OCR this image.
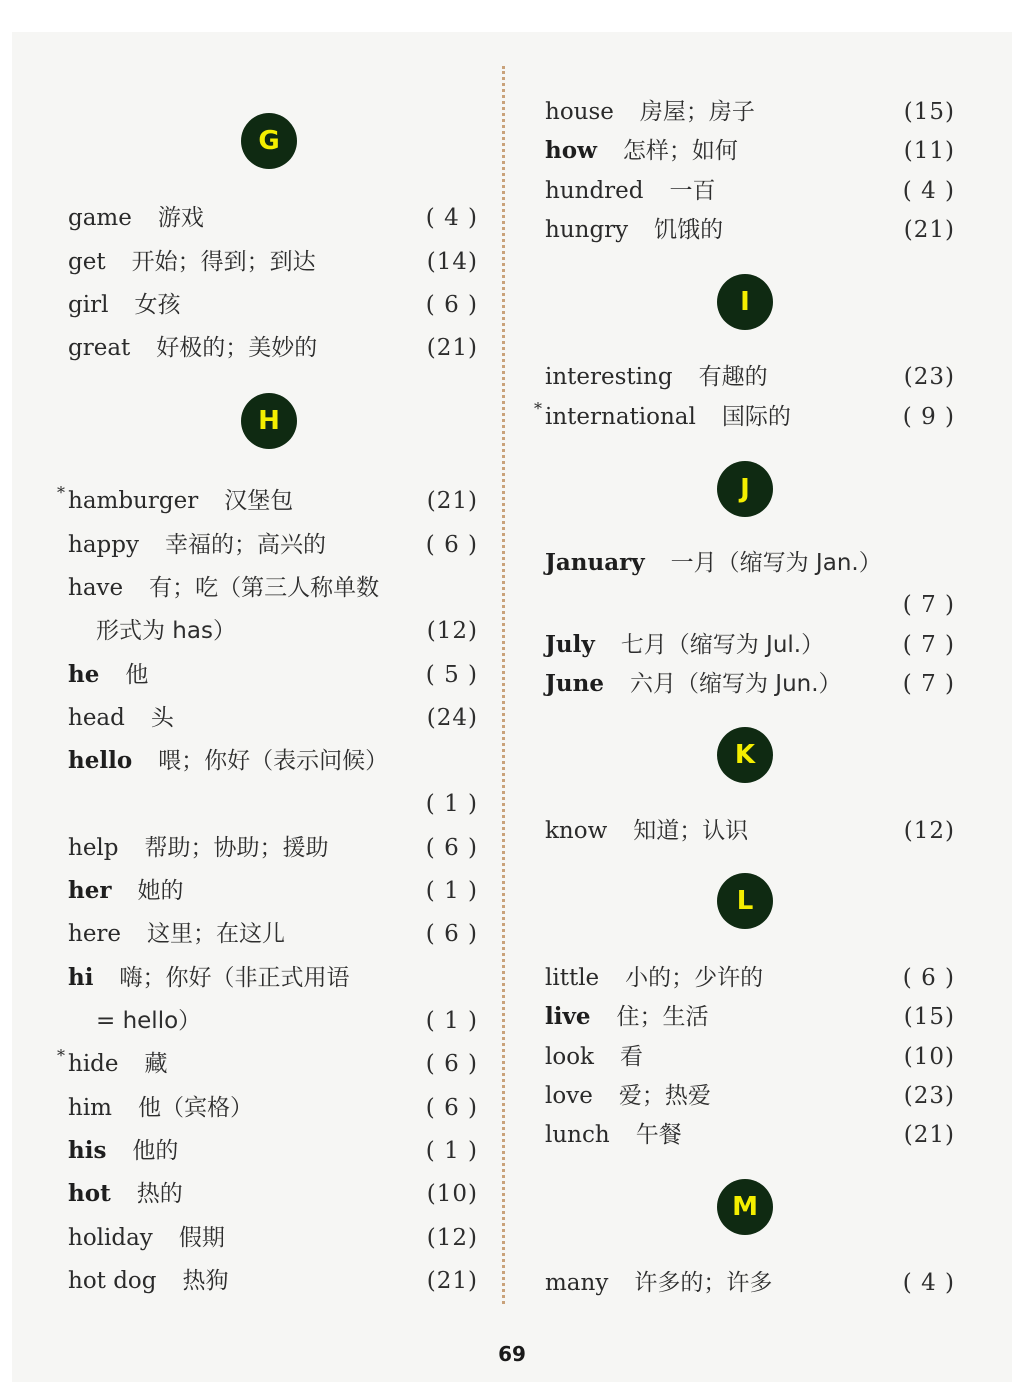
G
game 游戏	( 4 )
get 开始；得到；到达	(14)
girl 女孩	( 6 )
great 好极的；美妙的	(21)
H
* hamburger 汉堡包	(21)
happy 幸福的；高兴的	( 6 )
have 有；吃（第三人称单数
形式为 has）	(12)
he 他	( 5 )
head 头	(24)
hello 喂；你好（表示问候）
( 1 )
help 帮助；协助；援助	( 6 )
her 她的	( 1 )
here 这里；在这儿	( 6 )
hi 嗨；你好（非正式用语
= hello）	( 1 )
* hide 藏	( 6 )
him 他（宾格）	( 6 )
his 他的	( 1 )
hot 热的	(10)
holiday 假期	(12)
hot dog 热狗	(21)
house 房屋；房子	(15)
how 怎样；如何	(11)
hundred 一百	( 4 )
hungry 饥饿的	(21)
I
interesting 有趣的	(23)
* international 国际的	( 9 )
J
January 一月（缩写为 Jan.）
( 7 )
July 七月（缩写为 Jul.）	( 7 )
June 六月（缩写为 Jun.）	( 7 )
K
know 知道；认识	(12)
L
little 小的；少许的	( 6 )
live 住；生活	(15)
look 看	(10)
love 爱；热爱	(23)
lunch 午餐	(21)
M
many 许多的；许多	( 4 )
69
